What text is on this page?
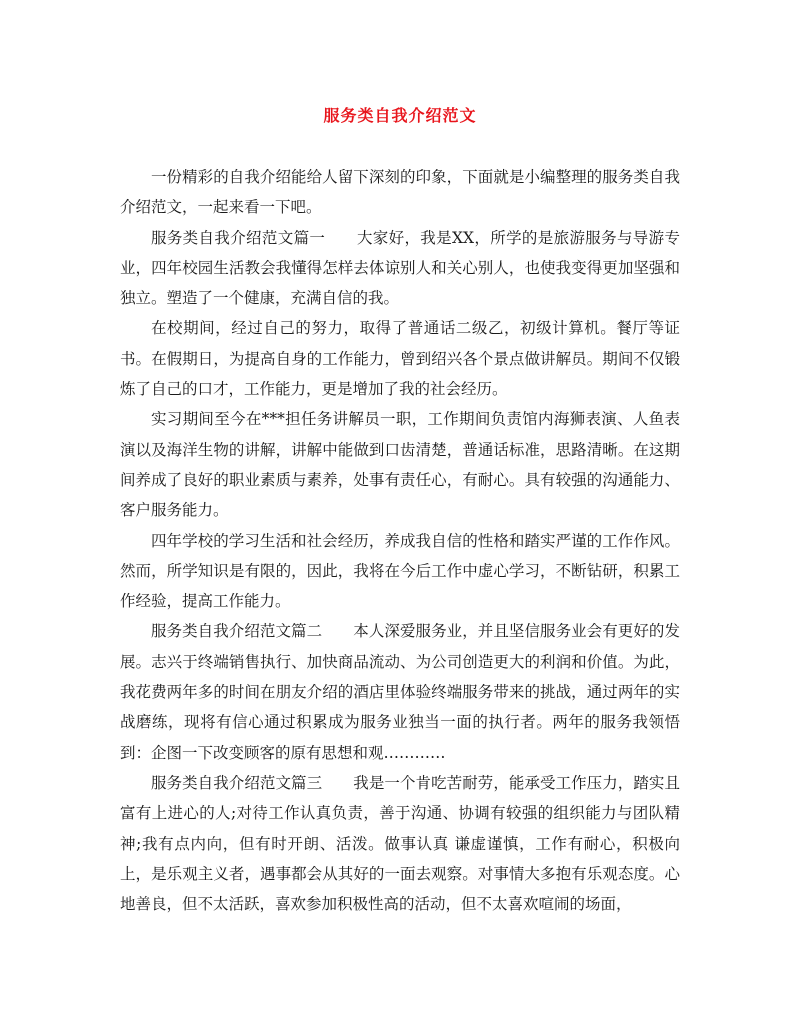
服务类自我介绍范文

一份精彩的自我介绍能给人留下深刻的印象，下面就是小编整理的服务类自我介绍范文，一起来看一下吧。

服务类自我介绍范文篇一　　大家好，我是XX，所学的是旅游服务与导游专业，四年校园生活教会我懂得怎样去体谅别人和关心别人，也使我变得更加坚强和独立。塑造了一个健康，充满自信的我。

在校期间，经过自己的努力，取得了普通话二级乙，初级计算机。餐厅等证书。在假期日，为提高自身的工作能力，曾到绍兴各个景点做讲解员。期间不仅锻炼了自己的口才，工作能力，更是增加了我的社会经历。

实习期间至今在***担任务讲解员一职，工作期间负责馆内海狮表演、人鱼表演以及海洋生物的讲解，讲解中能做到口齿清楚，普通话标准，思路清晰。在这期间养成了良好的职业素质与素养，处事有责任心，有耐心。具有较强的沟通能力、客户服务能力。

四年学校的学习生活和社会经历，养成我自信的性格和踏实严谨的工作作风。然而，所学知识是有限的，因此，我将在今后工作中虚心学习，不断钻研，积累工作经验，提高工作能力。

服务类自我介绍范文篇二　　本人深爱服务业，并且坚信服务业会有更好的发展。志兴于终端销售执行、加快商品流动、为公司创造更大的利润和价值。为此，我花费两年多的时间在朋友介绍的酒店里体验终端服务带来的挑战，通过两年的实战磨练，现将有信心通过积累成为服务业独当一面的执行者。两年的服务我领悟到：企图一下改变顾客的原有思想和观…………

服务类自我介绍范文篇三　　我是一个肯吃苦耐劳，能承受工作压力，踏实且富有上进心的人;对待工作认真负责，善于沟通、协调有较强的组织能力与团队精神;我有点内向，但有时开朗、活泼。做事认真 谦虚谨慎，工作有耐心，积极向上，是乐观主义者，遇事都会从其好的一面去观察。对事情大多抱有乐观态度。心地善良，但不太活跃，喜欢参加积极性高的活动，但不太喜欢喧闹的场面，
